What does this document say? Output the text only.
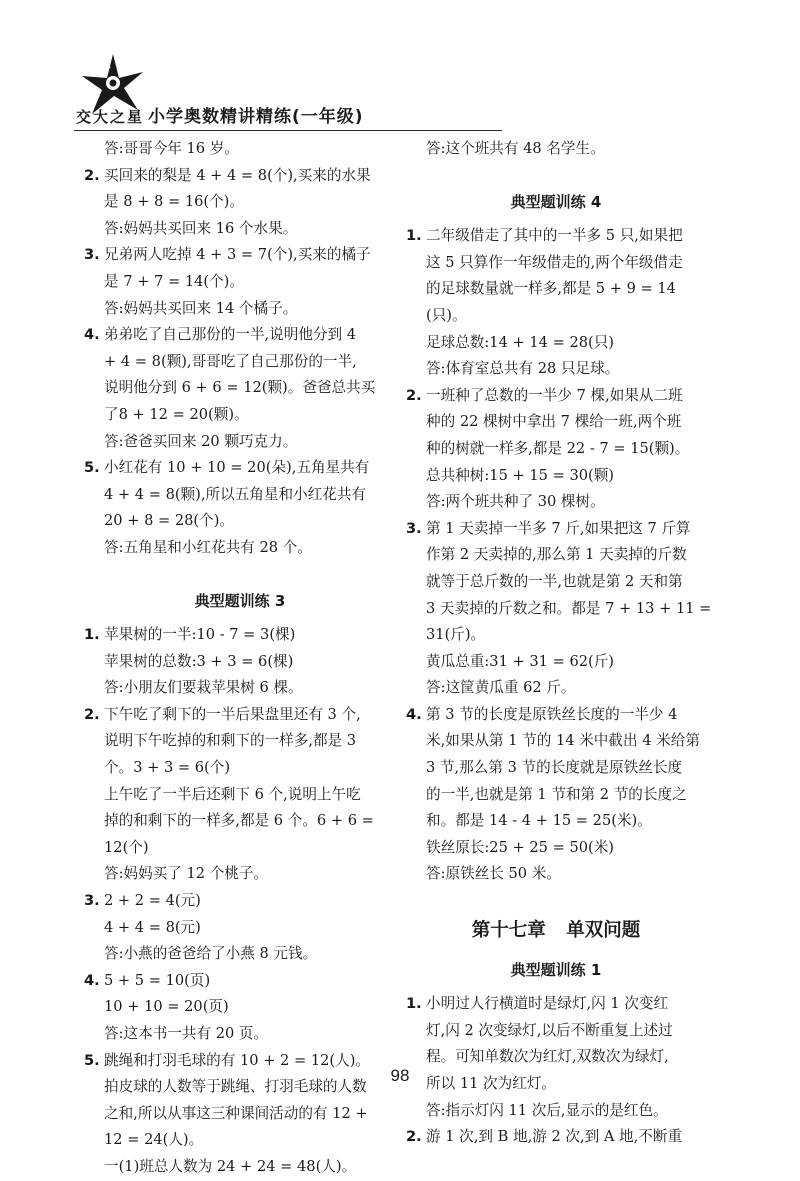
交大之星 小学奥数精讲精练(一年级)
答:哥哥今年 16 岁。
2. 买回来的梨是 4 + 4 = 8(个),买来的水果
是 8 + 8 = 16(个)。
答:妈妈共买回来 16 个水果。
3. 兄弟两人吃掉 4 + 3 = 7(个),买来的橘子
是 7 + 7 = 14(个)。
答:妈妈共买回来 14 个橘子。
4. 弟弟吃了自己那份的一半,说明他分到 4
+ 4 = 8(颗),哥哥吃了自己那份的一半,
说明他分到 6 + 6 = 12(颗)。爸爸总共买
了8 + 12 = 20(颗)。
答:爸爸买回来 20 颗巧克力。
5. 小红花有 10 + 10 = 20(朵),五角星共有
4 + 4 = 8(颗),所以五角星和小红花共有
20 + 8 = 28(个)。
答:五角星和小红花共有 28 个。
典型题训练 3
1. 苹果树的一半:10 - 7 = 3(棵)
苹果树的总数:3 + 3 = 6(棵)
答:小朋友们要栽苹果树 6 棵。
2. 下午吃了剩下的一半后果盘里还有 3 个,
说明下午吃掉的和剩下的一样多,都是 3
个。3 + 3 = 6(个)
上午吃了一半后还剩下 6 个,说明上午吃
掉的和剩下的一样多,都是 6 个。6 + 6 =
12(个)
答:妈妈买了 12 个桃子。
3. 2 + 2 = 4(元)
4 + 4 = 8(元)
答:小燕的爸爸给了小燕 8 元钱。
4. 5 + 5 = 10(页)
10 + 10 = 20(页)
答:这本书一共有 20 页。
5. 跳绳和打羽毛球的有 10 + 2 = 12(人)。
拍皮球的人数等于跳绳、打羽毛球的人数
之和,所以从事这三种课间活动的有 12 +
12 = 24(人)。
一(1)班总人数为 24 + 24 = 48(人)。
答:这个班共有 48 名学生。
典型题训练 4
1. 二年级借走了其中的一半多 5 只,如果把
这 5 只算作一年级借走的,两个年级借走
的足球数量就一样多,都是 5 + 9 = 14
(只)。
足球总数:14 + 14 = 28(只)
答:体育室总共有 28 只足球。
2. 一班种了总数的一半少 7 棵,如果从二班
种的 22 棵树中拿出 7 棵给一班,两个班
种的树就一样多,都是 22 - 7 = 15(颗)。
总共种树:15 + 15 = 30(颗)
答:两个班共种了 30 棵树。
3. 第 1 天卖掉一半多 7 斤,如果把这 7 斤算
作第 2 天卖掉的,那么第 1 天卖掉的斤数
就等于总斤数的一半,也就是第 2 天和第
3 天卖掉的斤数之和。都是 7 + 13 + 11 =
31(斤)。
黄瓜总重:31 + 31 = 62(斤)
答:这筐黄瓜重 62 斤。
4. 第 3 节的长度是原铁丝长度的一半少 4
米,如果从第 1 节的 14 米中截出 4 米给第
3 节,那么第 3 节的长度就是原铁丝长度
的一半,也就是第 1 节和第 2 节的长度之
和。都是 14 - 4 + 15 = 25(米)。
铁丝原长:25 + 25 = 50(米)
答:原铁丝长 50 米。
第十七章 单双问题
典型题训练 1
1. 小明过人行横道时是绿灯,闪 1 次变红
灯,闪 2 次变绿灯,以后不断重复上述过
程。可知单数次为红灯,双数次为绿灯,
所以 11 次为红灯。
答:指示灯闪 11 次后,显示的是红色。
2. 游 1 次,到 B 地,游 2 次,到 A 地,不断重
98
